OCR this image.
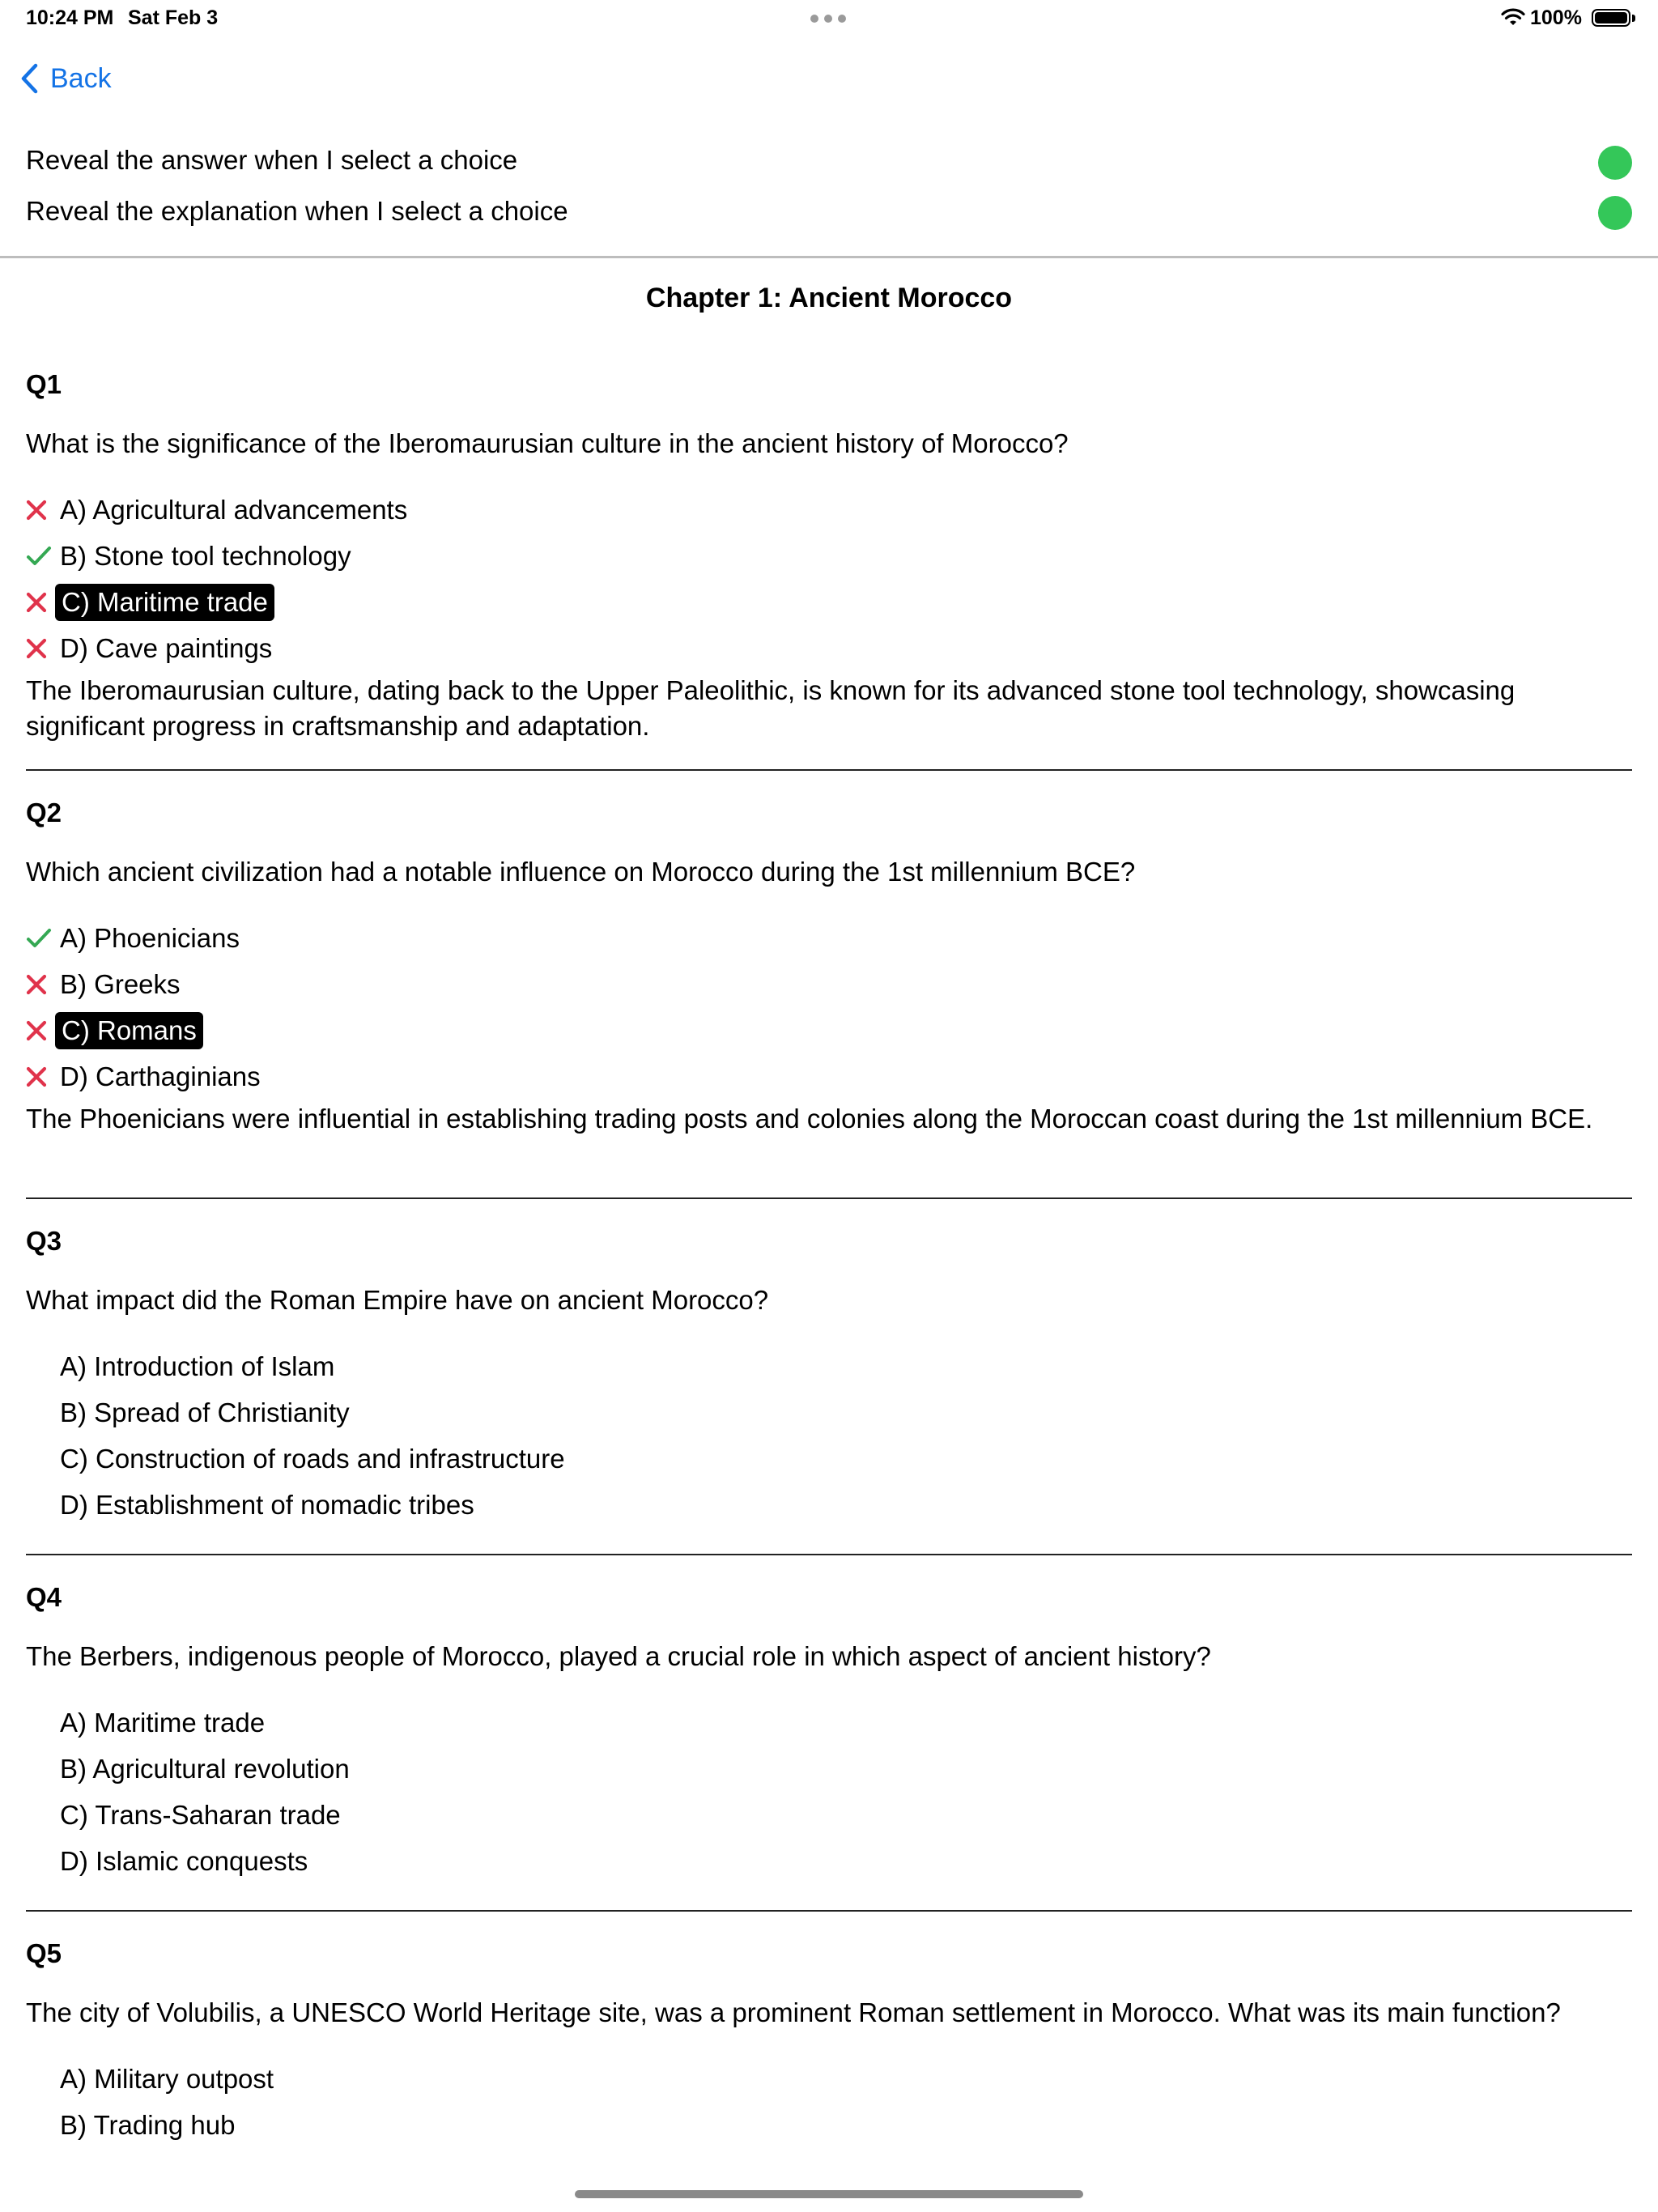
10:24 PM Sat Feb 3	100%
Back
Reveal the answer when I select a choice
Reveal the explanation when I select a choice
Chapter 1: Ancient Morocco
Q1
What is the significance of the Iberomaurusian culture in the ancient history of Morocco?
A) Agricultural advancements
B) Stone tool technology
C) Maritime trade
D) Cave paintings
The Iberomaurusian culture, dating back to the Upper Paleolithic, is known for its advanced stone tool technology, showcasing significant progress in craftsmanship and adaptation.
Q2
Which ancient civilization had a notable influence on Morocco during the 1st millennium BCE?
A) Phoenicians
B) Greeks
C) Romans
D) Carthaginians
The Phoenicians were influential in establishing trading posts and colonies along the Moroccan coast during the 1st millennium BCE.
Q3
What impact did the Roman Empire have on ancient Morocco?
A) Introduction of Islam
B) Spread of Christianity
C) Construction of roads and infrastructure
D) Establishment of nomadic tribes
Q4
The Berbers, indigenous people of Morocco, played a crucial role in which aspect of ancient history?
A) Maritime trade
B) Agricultural revolution
C) Trans-Saharan trade
D) Islamic conquests
Q5
The city of Volubilis, a UNESCO World Heritage site, was a prominent Roman settlement in Morocco. What was its main function?
A) Military outpost
B) Trading hub
